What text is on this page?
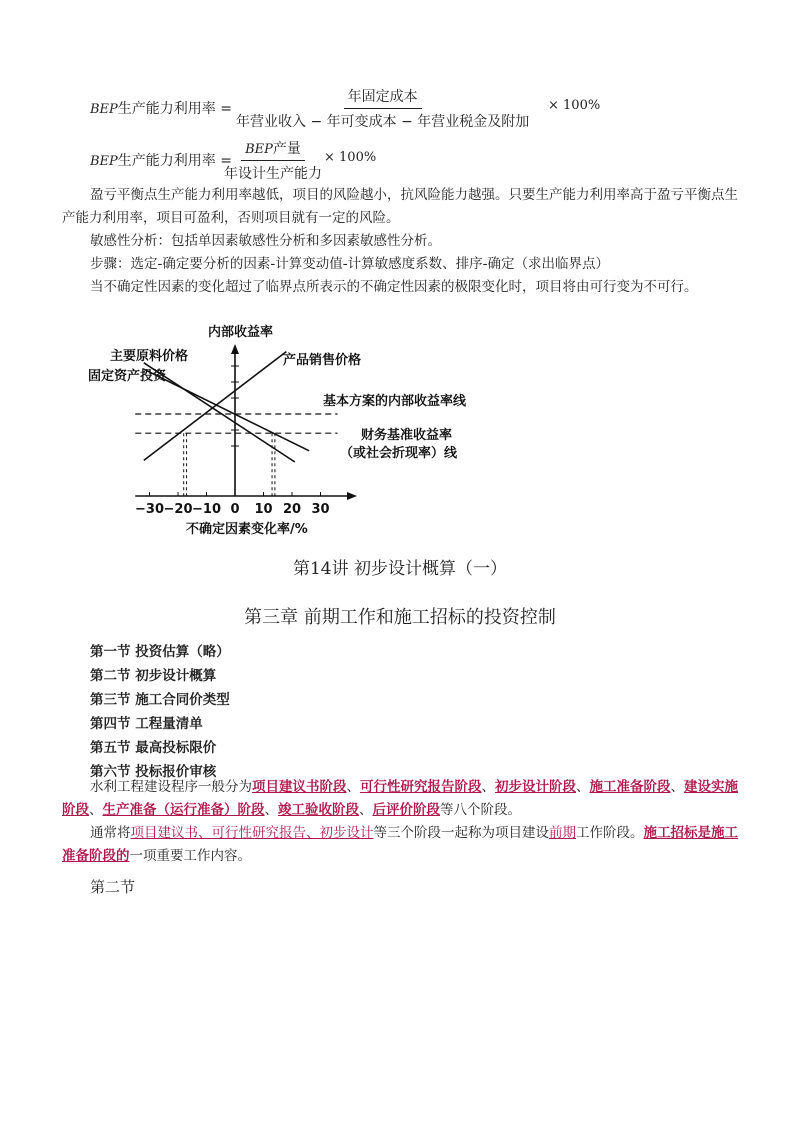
BEP生产能力利用率 =
年固定成本
年营业收入 − 年可变成本 − 年营业税金及附加
× 100%
BEP生产能力利用率 =
BEP产量
年设计生产能力
× 100%
盈亏平衡点生产能力利用率越低，项目的风险越小，抗风险能力越强。只要生产能力利用率高于盈亏平衡点生产能力利用率，项目可盈利，否则项目就有一定的风险。
敏感性分析：包括单因素敏感性分析和多因素敏感性分析。
步骤：选定-确定要分析的因素-计算变动值-计算敏感度系数、排序-确定（求出临界点）
当不确定性因素的变化超过了临界点所表示的不确定性因素的极限变化时，项目将由可行变为不可行。
−30 −20 −10 0 10 20 30
内部收益率
主要原料价格
固定资产投资
产品销售价格
基本方案的内部收益率线
财务基准收益率
（或社会折现率）线
不确定因素变化率/%
第14讲 初步设计概算（一）
第三章 前期工作和施工招标的投资控制
第一节 投资估算（略）
第二节 初步设计概算
第三节 施工合同价类型
第四节 工程量清单
第五节 最高投标限价
第六节 投标报价审核
水利工程建设程序一般分为项目建议书阶段、可行性研究报告阶段、初步设计阶段、施工准备阶段、建设实施阶段、生产准备（运行准备）阶段、竣工验收阶段、后评价阶段等八个阶段。
通常将项目建议书、可行性研究报告、初步设计等三个阶段一起称为项目建设前期工作阶段。施工招标是施工准备阶段的一项重要工作内容。
第二节
